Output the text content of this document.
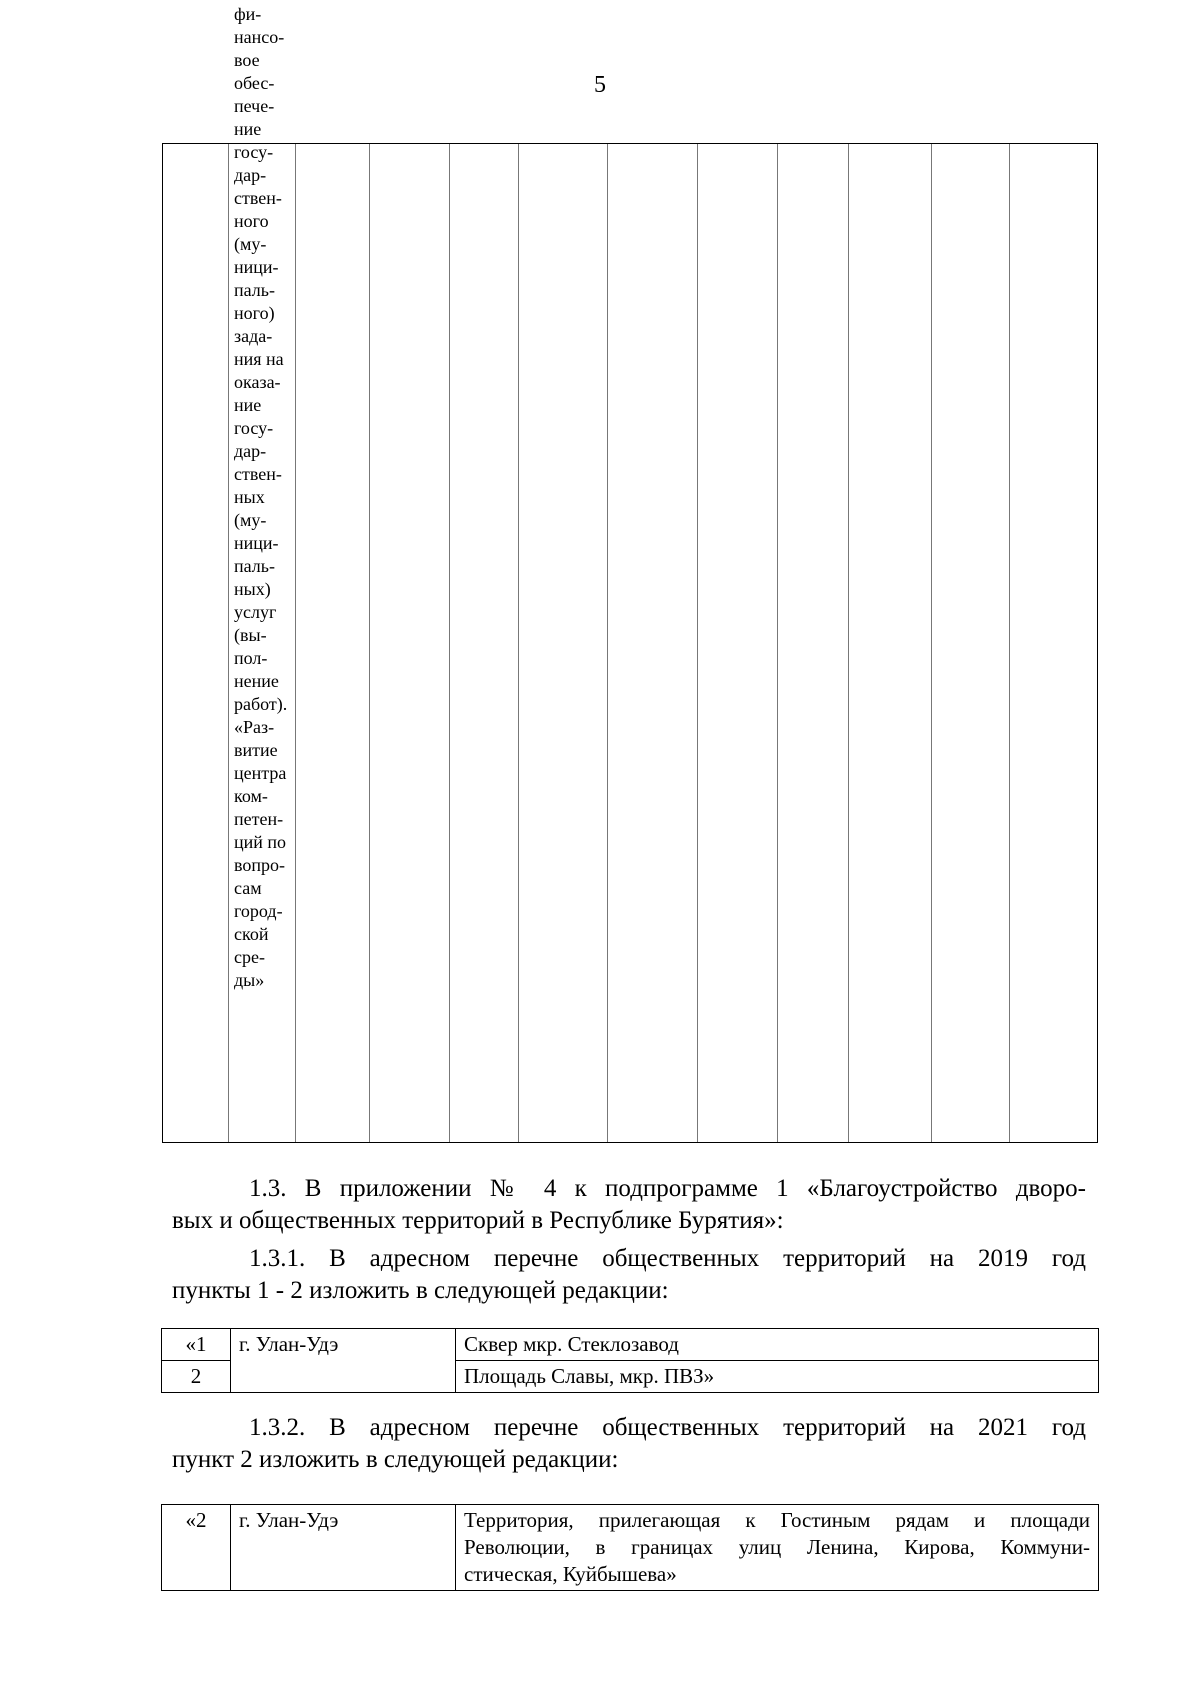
5
фи-
нансо-
вое
обес-
пече-
ние
госу-
дар-
ствен-
ного
(му-
ници-
паль-
ного)
зада-
ния на
оказа-
ние
госу-
дар-
ствен-
ных
(му-
ници-
паль-
ных)
услуг
(вы-
пол-
нение
работ).
«Раз-
витие
центра
ком-
петен-
ций по
вопро-
сам
город-
ской
сре-
ды»
1.3. В приложении № 4 к подпрограмме 1 «Благоустройство дворо-
вых и общественных территорий в Республике Бурятия»:
1.3.1. В адресном перечне общественных территорий на 2019 год
пункты 1 - 2 изложить в следующей редакции:
«1	г. Улан-Удэ	Сквер мкр. Стеклозавод
2		Площадь Славы, мкр. ПВЗ»
1.3.2. В адресном перечне общественных территорий на 2021 год
пункт 2 изложить в следующей редакции:
«2	г. Улан-Удэ	Территория, прилегающая к Гостиным рядам и площади
Революции, в границах улиц Ленина, Кирова, Коммуни-
стическая, Куйбышева»
